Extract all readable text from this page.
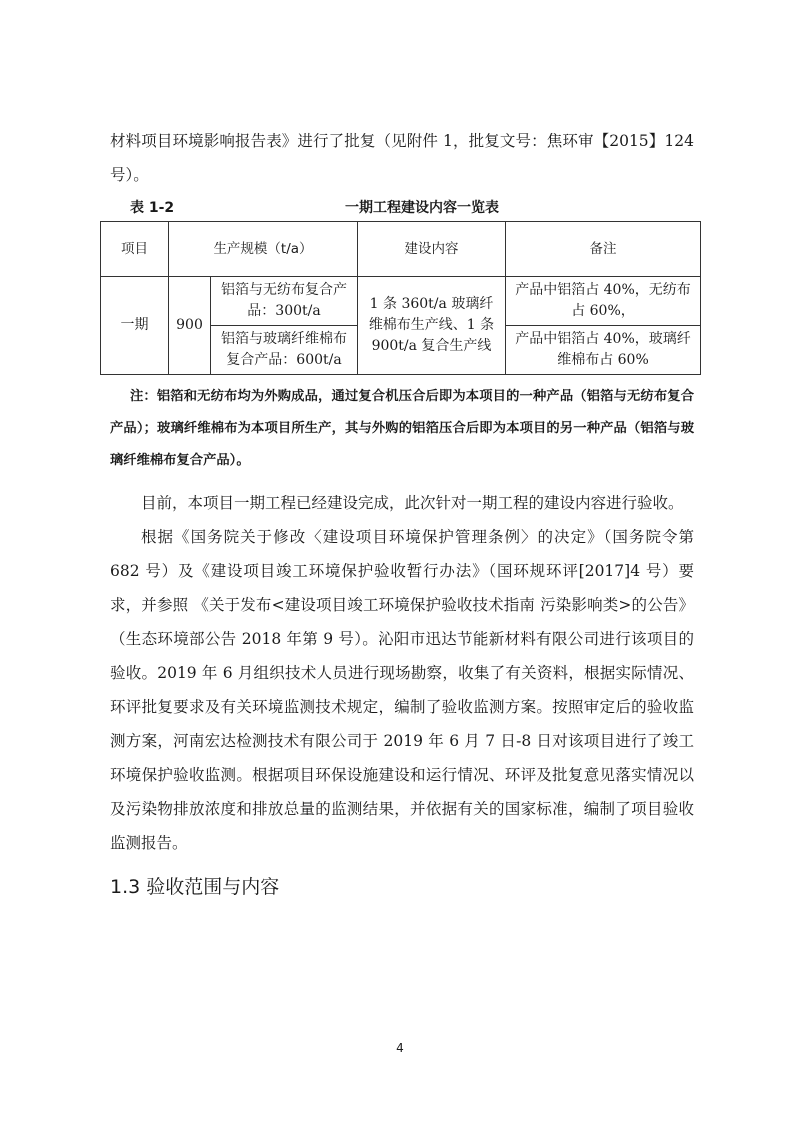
材料项目环境影响报告表》进行了批复（见附件 1，批复文号：焦环审【2015】124 号）。

表 1-2	一期工程建设内容一览表
项目	生产规模（t/a）		建设内容	备注
一期	900	铝箔与无纺布复合产品：300t/a	1 条 360t/a 玻璃纤维棉布生产线、1 条 900t/a 复合生产线	产品中铝箔占 40%，无纺布占 60%，
		铝箔与玻璃纤维棉布复合产品：600t/a		产品中铝箔占 40%，玻璃纤维棉布占 60%

注：铝箔和无纺布均为外购成品，通过复合机压合后即为本项目的一种产品（铝箔与无纺布复合产品）；玻璃纤维棉布为本项目所生产，其与外购的铝箔压合后即为本项目的另一种产品（铝箔与玻璃纤维棉布复合产品）。

目前，本项目一期工程已经建设完成，此次针对一期工程的建设内容进行验收。

根据《国务院关于修改〈建设项目环境保护管理条例〉的决定》（国务院令第 682 号）及《建设项目竣工环境保护验收暂行办法》（国环规环评[2017]4 号）要求，并参照 《关于发布<建设项目竣工环境保护验收技术指南 污染影响类>的公告》（生态环境部公告 2018 年第 9 号）。沁阳市迅达节能新材料有限公司进行该项目的验收。2019 年 6 月组织技术人员进行现场勘察，收集了有关资料，根据实际情况、环评批复要求及有关环境监测技术规定，编制了验收监测方案。按照审定后的验收监测方案，河南宏达检测技术有限公司于 2019 年 6 月 7 日-8 日对该项目进行了竣工环境保护验收监测。根据项目环保设施建设和运行情况、环评及批复意见落实情况以及污染物排放浓度和排放总量的监测结果，并依据有关的国家标准，编制了项目验收监测报告。

1.3 验收范围与内容
4
